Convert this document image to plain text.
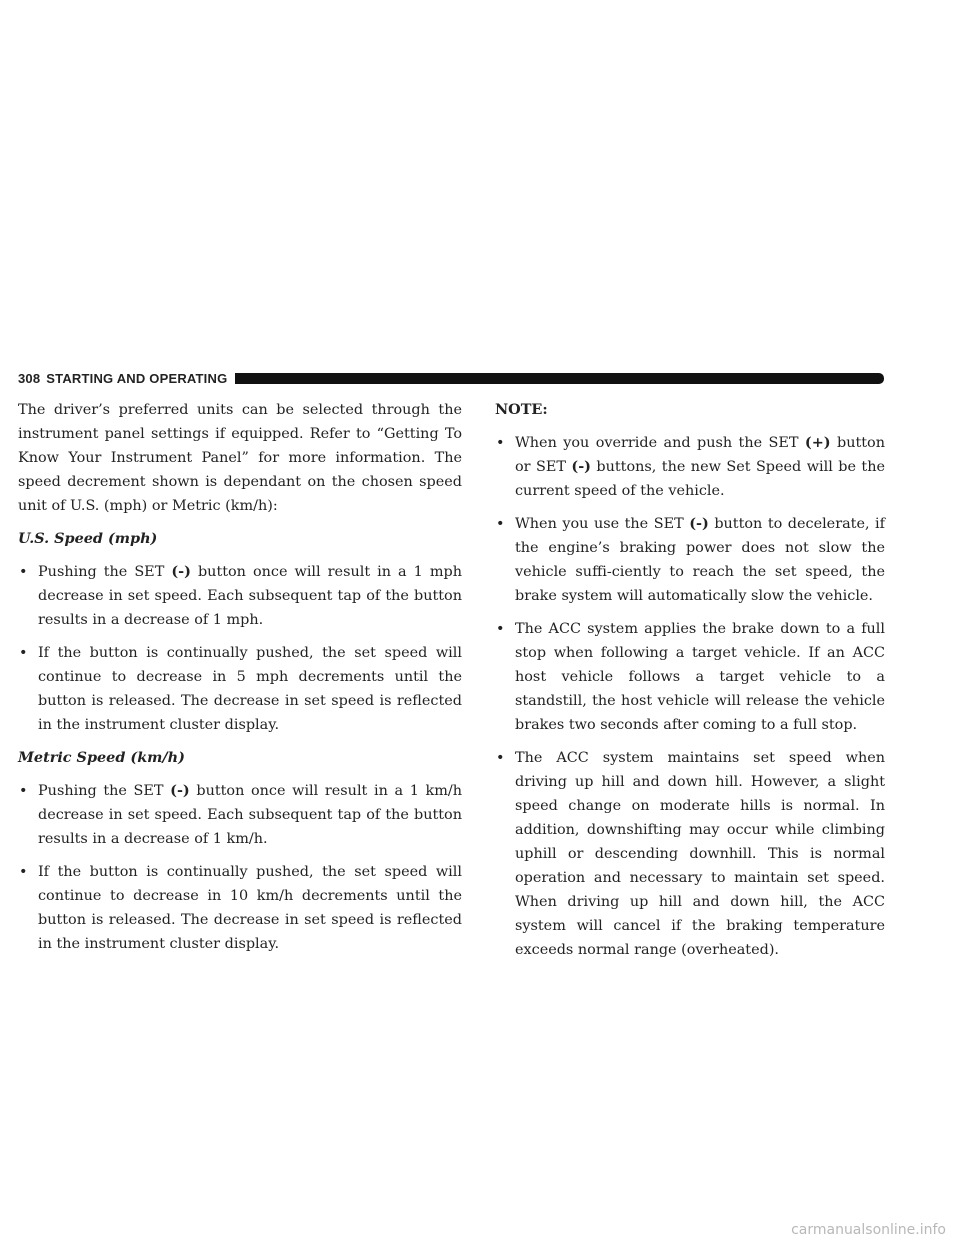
308 STARTING AND OPERATING

The driver’s preferred units can be selected through the instrument panel settings if equipped. Refer to “Getting To Know Your Instrument Panel” for more information. The speed decrement shown is dependant on the chosen speed unit of U.S. (mph) or Metric (km/h):

U.S. Speed (mph)

• Pushing the SET (-) button once will result in a 1 mph decrease in set speed. Each subsequent tap of the button results in a decrease of 1 mph.
• If the button is continually pushed, the set speed will continue to decrease in 5 mph decrements until the button is released. The decrease in set speed is reflected in the instrument cluster display.

Metric Speed (km/h)

• Pushing the SET (-) button once will result in a 1 km/h decrease in set speed. Each subsequent tap of the button results in a decrease of 1 km/h.
• If the button is continually pushed, the set speed will continue to decrease in 10 km/h decrements until the button is released. The decrease in set speed is reflected in the instrument cluster display.

NOTE:

• When you override and push the SET (+) button or SET (-) buttons, the new Set Speed will be the current speed of the vehicle.
• When you use the SET (-) button to decelerate, if the engine’s braking power does not slow the vehicle suffi-ciently to reach the set speed, the brake system will automatically slow the vehicle.
• The ACC system applies the brake down to a full stop when following a target vehicle. If an ACC host vehicle follows a target vehicle to a standstill, the host vehicle will release the vehicle brakes two seconds after coming to a full stop.
• The ACC system maintains set speed when driving up hill and down hill. However, a slight speed change on moderate hills is normal. In addition, downshifting may occur while climbing uphill or descending downhill. This is normal operation and necessary to maintain set speed. When driving up hill and down hill, the ACC system will cancel if the braking temperature exceeds normal range (overheated).
carmanualsonline.info
